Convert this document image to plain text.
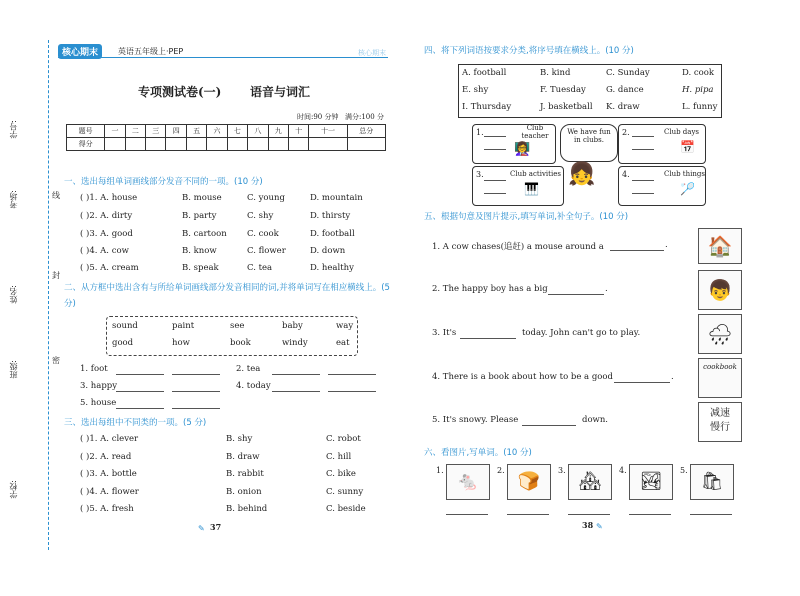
学号:
考场:
姓名:
班级:
学校:
线
封
密
核心期末	英语五年级上·PEP	核心期末
专项测试卷(一) 语音与词汇
时间:90 分钟 满分:100 分
题号	一	二	三	四	五	六	七	八	九	十	十一	总分
得分												
一、选出每组单词画线部分发音不同的一项。(10 分)
( )1. A. house	B. mouse	C. young	D. mountain
( )2. A. dirty	B. party	C. shy	D. thirsty
( )3. A. good	B. cartoon C. cook	D. football
( )4. A. cow	B. know	C. flower	D. down
( )5. A. cream	B. speak	C. tea	D. healthy
二、从方框中选出含有与所给单词画线部分发音相同的词,并将单词写在相应横线上。(5 分)
sound	paint	see	baby	way
good	how	book	windy	eat
1. foot	2. tea
3. happy	4. today
5. house
三、选出每组中不同类的一项。(5 分)
( )1. A. clever	B. shy	C. robot
( )2. A. read	B. draw	C. hill
( )3. A. bottle	B. rabbit	C. bike
( )4. A. flower	B. onion	C. sunny
( )5. A. fresh	B. behind	C. beside
37
✎
四、将下列词语按要求分类,将序号填在横线上。(10 分)
A. football	B. kind	C. Sunday	D. cook
E. shy	F. Tuesday G. dance	H. pipa
I. Thursday	J. basketball K. draw	L. funny
1.	Club teacher
👩‍🏫
We have fun in clubs.
2.	Club days
📅
3.	Club activities
🎹
👧	4.	Club things
🏸
五、根据句意及图片提示,填写单词,补全句子。(10 分)
1. A cow chases(追赶) a mouse around a	.	🏠
2. The happy boy has a big	.	👦
3. It's	today. John can't go to play.	🌧
4. There is a book about how to be a good	.
cookbook
5. It's snowy. Please	down.
减速
慢行
六、看图片,写单词。(10 分)
1.
🐁
2.
🍞
3.
🏘
4.
🏞
5.
🛍
38 ✎
